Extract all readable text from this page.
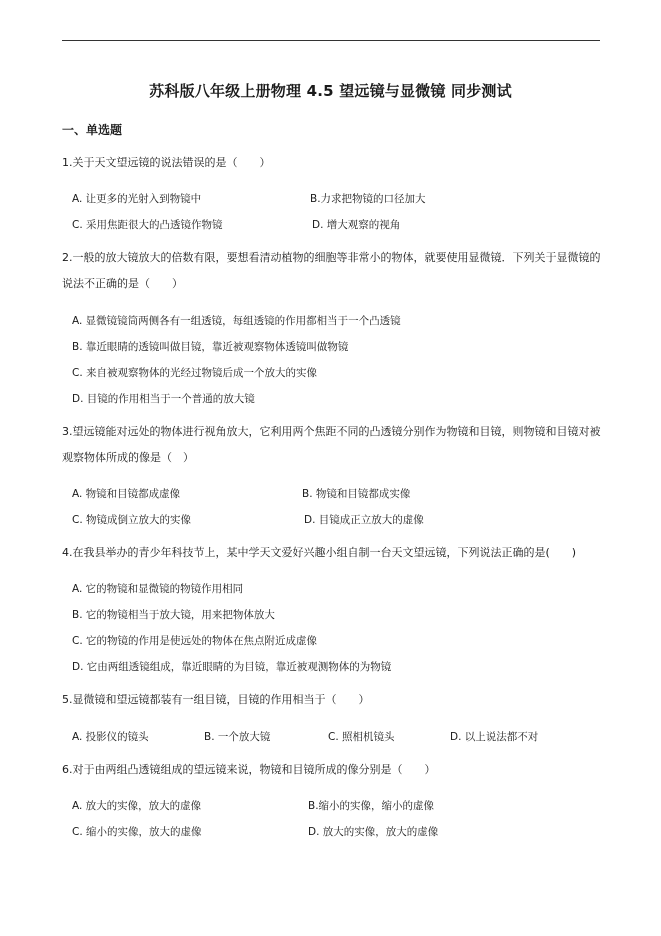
苏科版八年级上册物理 4.5 望远镜与显微镜 同步测试
一、单选题
1.关于天文望远镜的说法错误的是（　　）
A. 让更多的光射入到物镜中	B.力求把物镜的口径加大
C. 采用焦距很大的凸透镜作物镜	D. 增大观察的视角
2.一般的放大镜放大的倍数有限，要想看清动植物的细胞等非常小的物体，就要使用显微镜．下列关于显微镜的说法不正确的是（　　）
A. 显微镜镜筒两侧各有一组透镜，每组透镜的作用都相当于一个凸透镜
B. 靠近眼睛的透镜叫做目镜，靠近被观察物体透镜叫做物镜
C. 来自被观察物体的光经过物镜后成一个放大的实像
D. 目镜的作用相当于一个普通的放大镜
3.望远镜能对远处的物体进行视角放大，它利用两个焦距不同的凸透镜分别作为物镜和目镜，则物镜和目镜对被观察物体所成的像是（　）
A. 物镜和目镜都成虚像	B. 物镜和目镜都成实像
C. 物镜成倒立放大的实像	D. 目镜成正立放大的虚像
4.在我县举办的青少年科技节上，某中学天文爱好兴趣小组自制一台天文望远镜，下列说法正确的是(　　)
A. 它的物镜和显微镜的物镜作用相同
B. 它的物镜相当于放大镜，用来把物体放大
C. 它的物镜的作用是使远处的物体在焦点附近成虚像
D. 它由两组透镜组成，靠近眼睛的为目镜，靠近被观测物体的为物镜
5.显微镜和望远镜都装有一组目镜，目镜的作用相当于（　　）
A. 投影仪的镜头	B. 一个放大镜	C. 照相机镜头	D. 以上说法都不对
6.对于由两组凸透镜组成的望远镜来说，物镜和目镜所成的像分别是（　　）
A. 放大的实像，放大的虚像	B.缩小的实像，缩小的虚像
C. 缩小的实像，放大的虚像	D. 放大的实像，放大的虚像
